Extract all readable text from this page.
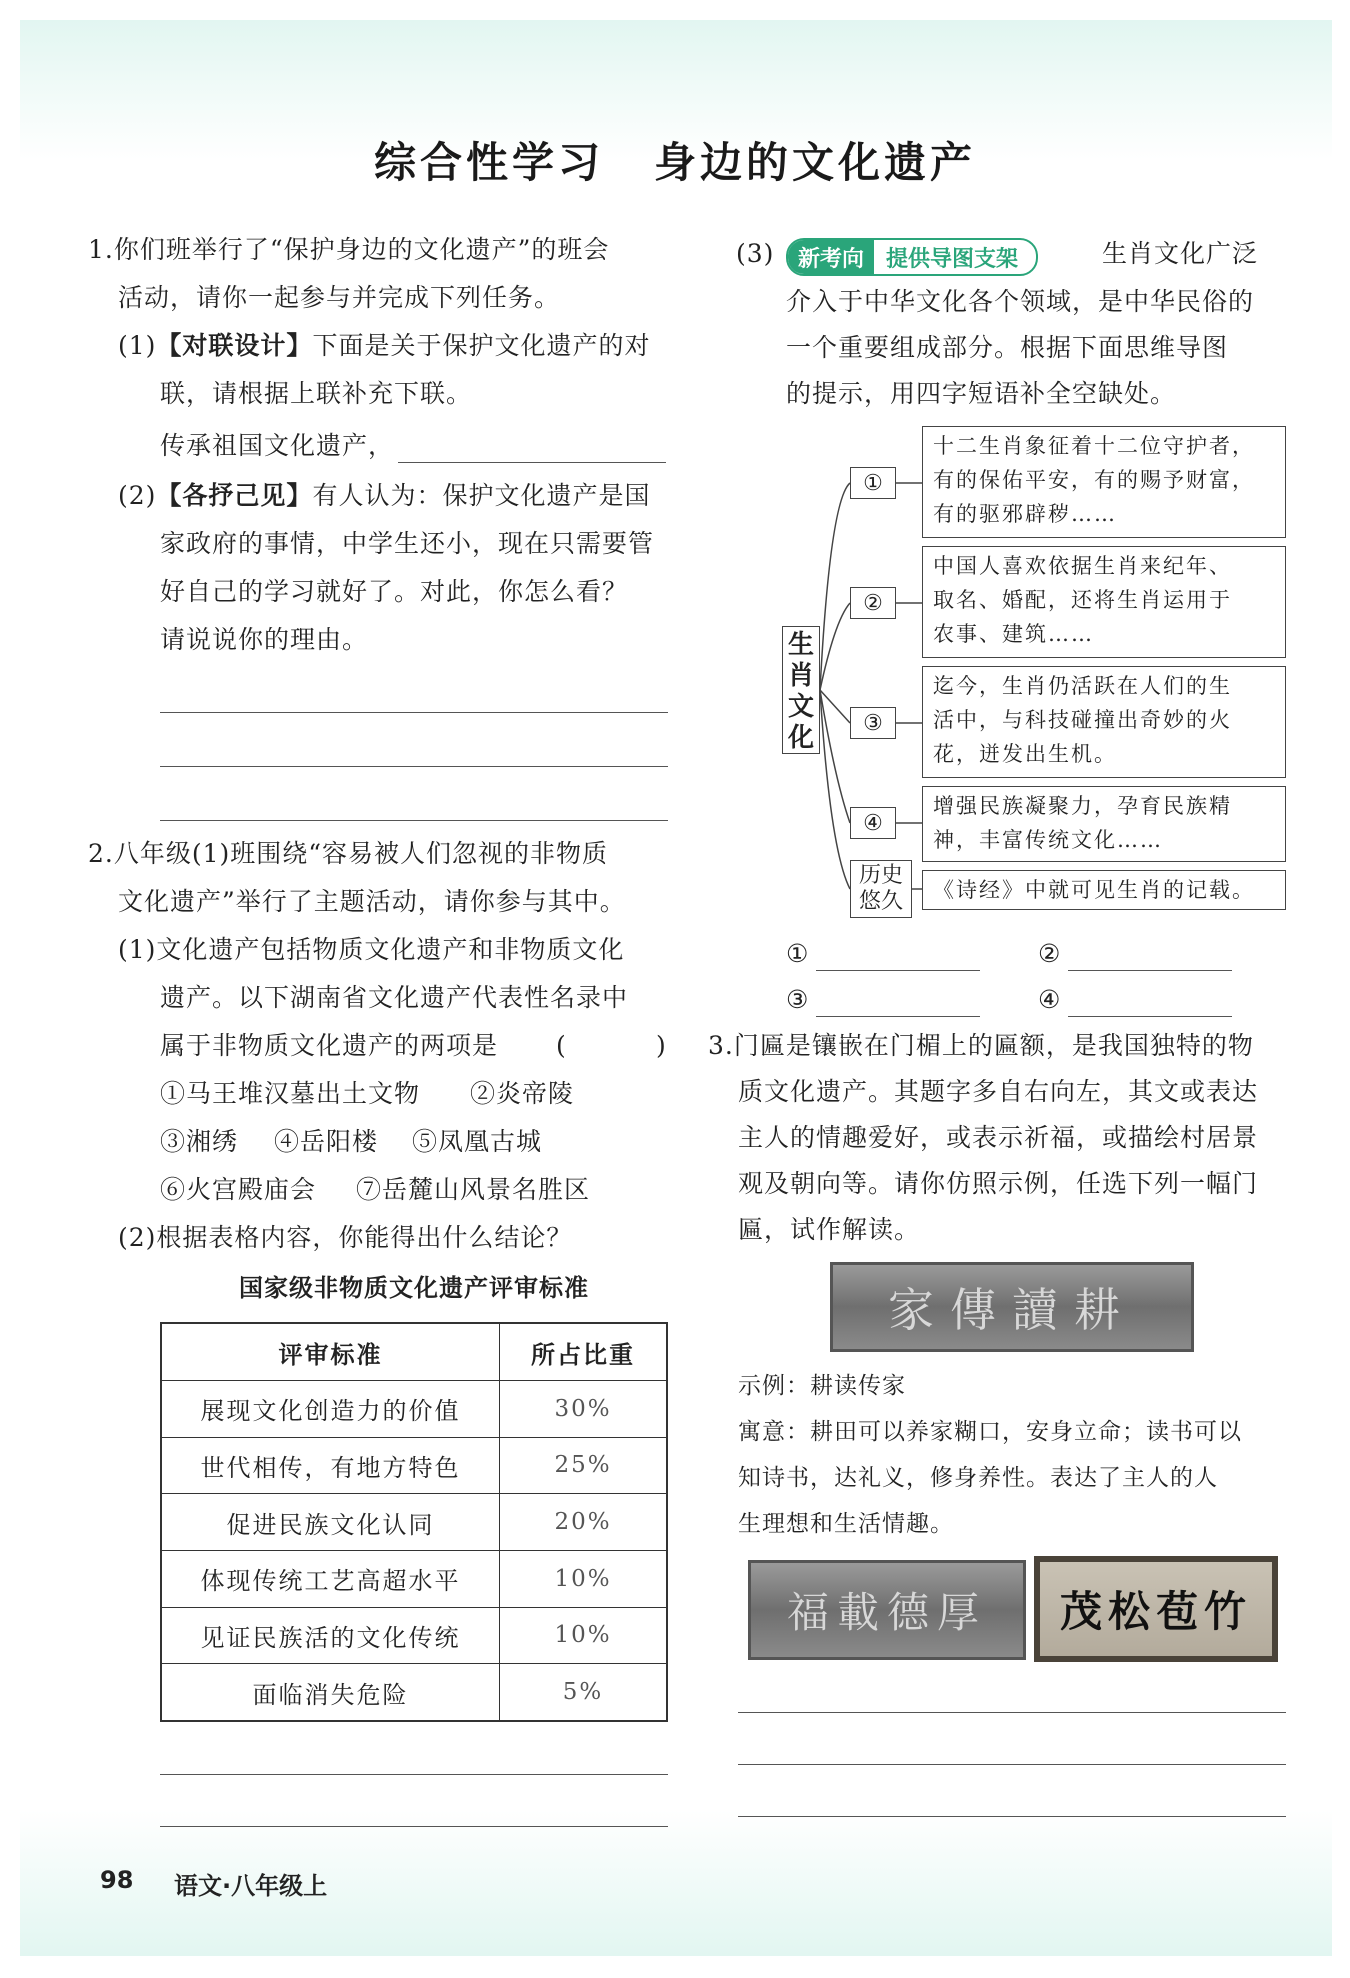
综合性学习 身边的文化遗产
1.你们班举行了“保护身边的文化遗产”的班会
活动，请你一起参与并完成下列任务。
(1)【对联设计】下面是关于保护文化遗产的对
联，请根据上联补充下联。
传承祖国文化遗产，
(2)【各抒己见】有人认为：保护文化遗产是国
家政府的事情，中学生还小，现在只需要管
好自己的学习就好了。对此，你怎么看？
请说说你的理由。
2.八年级(1)班围绕“容易被人们忽视的非物质
文化遗产”举行了主题活动，请你参与其中。
(1)文化遗产包括物质文化遗产和非物质文化
遗产。以下湖南省文化遗产代表性名录中
属于非物质文化遗产的两项是 (	)
①马王堆汉墓出土文物 ②炎帝陵
③湘绣 ④岳阳楼 ⑤凤凰古城
⑥火宫殿庙会 ⑦岳麓山风景名胜区
(2)根据表格内容，你能得出什么结论？
国家级非物质文化遗产评审标准
评审标准	所占比重
展现文化创造力的价值	30%
世代相传，有地方特色	25%
促进民族文化认同	20%
体现传统工艺高超水平	10%
见证民族活的文化传统	10%
面临消失危险	5%
(3)	新考向	提供导图支架	生肖文化广泛
介入于中华文化各个领域，是中华民俗的
一个重要组成部分。根据下面思维导图
的提示，用四字短语补全空缺处。
生
肖
文
化
①
②
③
④
历史
悠久
十二生肖象征着十二位守护者，
有的保佑平安，有的赐予财富，
有的驱邪辟秽……
中国人喜欢依据生肖来纪年、
取名、婚配，还将生肖运用于
农事、建筑……
迄今，生肖仍活跃在人们的生
活中，与科技碰撞出奇妙的火
花，迸发出生机。
增强民族凝聚力，孕育民族精
神，丰富传统文化……
《诗经》中就可见生肖的记载。
①	②
③	④
3.门匾是镶嵌在门楣上的匾额，是我国独特的物
质文化遗产。其题字多自右向左，其文或表达
主人的情趣爱好，或表示祈福，或描绘村居景
观及朝向等。请你仿照示例，任选下列一幅门
匾，试作解读。
家傳讀耕
示例：耕读传家
寓意：耕田可以养家糊口，安身立命；读书可以
知诗书，达礼义，修身养性。表达了主人的人
生理想和生活情趣。
福載德厚	茂松苞竹
98 语文·八年级上
